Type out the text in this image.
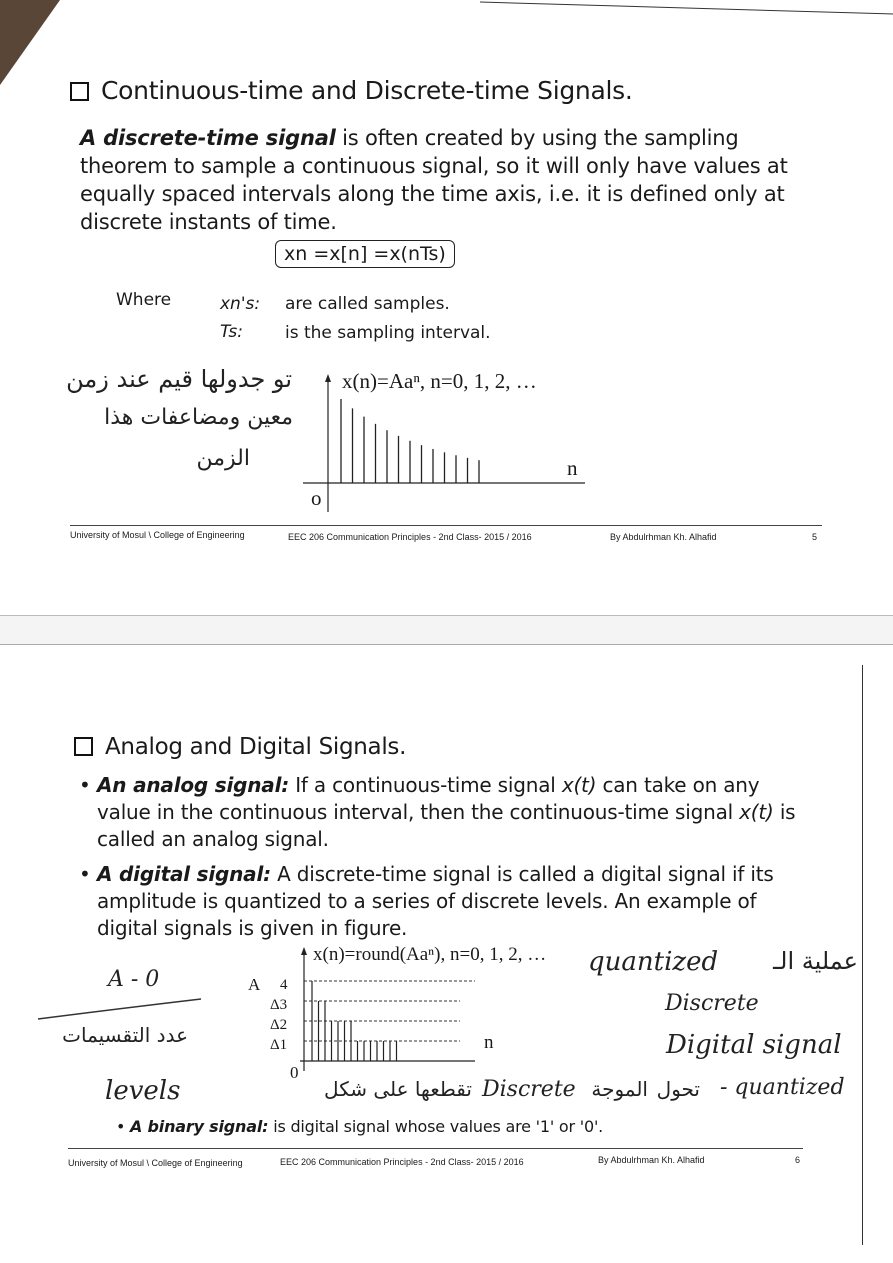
Continuous-time and Discrete-time Signals.
A discrete-time signal is often created by using the sampling theorem to sample a continuous signal, so it will only have values at equally spaced intervals along the time axis, i.e. it is defined only at discrete instants of time.
xn =x[n] =x(nTs)
Where	xn's: are called samples.
Ts: is the sampling interval.
x(n)=Aaⁿ, n=0, 1, 2, …
n
o
تو جدولها قيم عند زمن
معين ومضاعفات هذا
الزمن
University of Mosul \ College of Engineering	EEC 206 Communication Principles - 2nd Class- 2015 / 2016	By Abdulrhman Kh. Alhafid	5
Analog and Digital Signals.
• An analog signal: If a continuous-time signal x(t) can take on any value in the continuous interval, then the continuous-time signal x(t) is called an analog signal.
• A digital signal: A discrete-time signal is called a digital signal if its amplitude is quantized to a series of discrete levels. An example of digital signals is given in figure.
x(n)=round(Aaⁿ), n=0, 1, 2, …
n
0
A 4
Δ3
Δ2
Δ1
quantized	عملية الـ
Discrete
Digital signal
A - 0
عدد التقسيمات
levels	تقطعها على شكل Discrete الموجة تحول - quantized
• A binary signal: is digital signal whose values are '1' or '0'.
University of Mosul \ College of Engineering	EEC 206 Communication Principles - 2nd Class- 2015 / 2016	By Abdulrhman Kh. Alhafid	6
